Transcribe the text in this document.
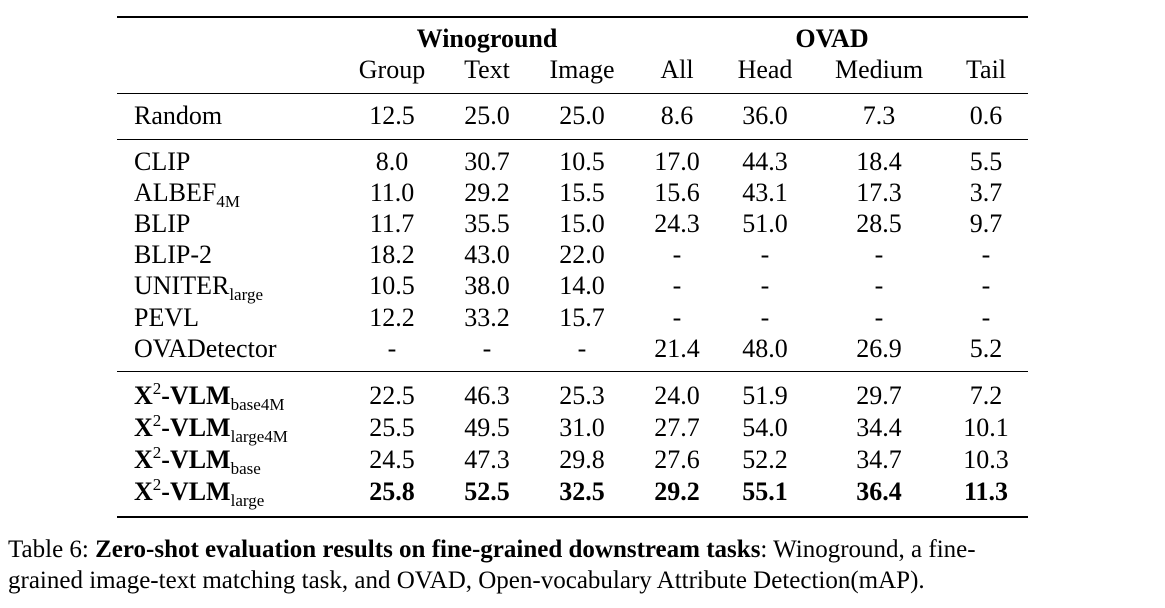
Winoground	OVAD
Group Text Image All Head Medium Tail
Random	12.5 25.0 25.0 8.6 36.0	7.3	0.6
CLIP	8.0 30.7 10.5 17.0 44.3	18.4	5.5
$ALBEF_{4M}$	11.0 29.2 15.5 15.6 43.1	17.3	3.7
BLIP	11.7 35.5 15.0 24.3 51.0	28.5	9.7
BLIP-2	18.2 43.0 22.0	-	-	-	-
$UNITER_{large}$	10.5 38.0 14.0	-	-	-	-
PEVL	12.2 33.2 15.7	-	-	-	-
OVADetector	-	-	-	21.4 48.0	26.9	5.2
$X^2-VLM_{base4M}$	22.5 46.3 25.3 24.0 51.9	29.7	7.2
$X^2-VLM_{large4M}$	25.5 49.5 31.0 27.7 54.0	34.4 10.1
$X^2-VLM_{base}$	24.5 47.3 29.8 27.6 52.2	34.7 10.3
$X^2-VLM_{large}$	25.8 52.5 32.5 29.2 55.1	36.4 11.3
Table 6: Zero-shot evaluation results on fine-grained downstream tasks: Winoground, a fine-
grained image-text matching task, and OVAD, Open-vocabulary Attribute Detection(mAP).
